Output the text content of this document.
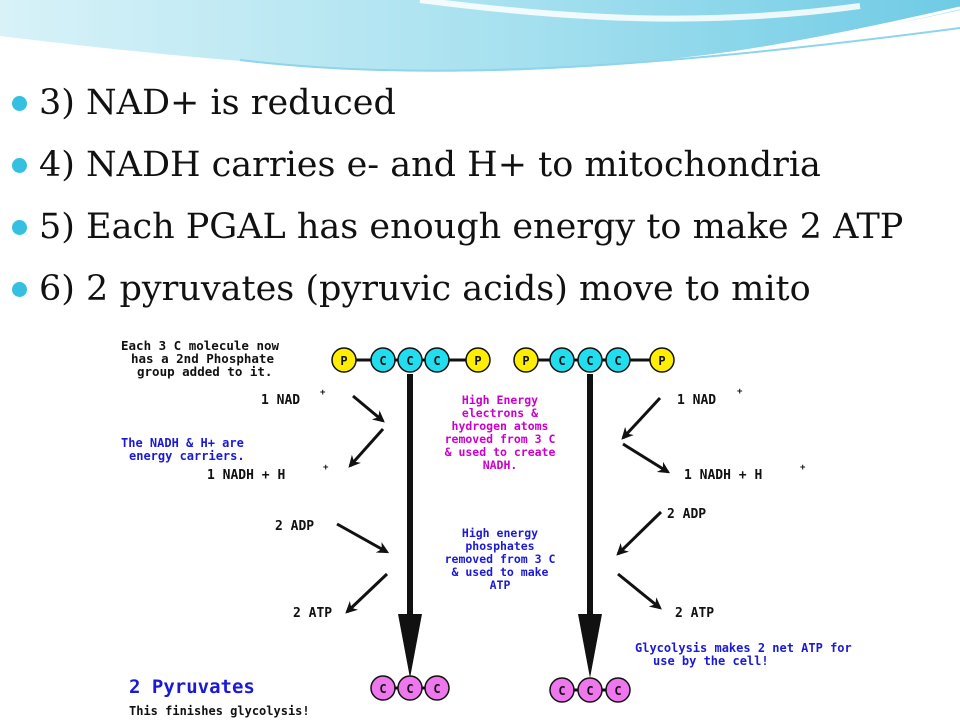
3) NAD+ is reduced
4) NADH carries e- and H+ to mitochondria
5) Each PGAL has enough energy to make 2 ATP
6) 2 pyruvates (pyruvic acids) move to mito
Each 3 C molecule now
has a 2nd Phosphate
group added to it.
P	C C C	P	P C C C	P
High Energy
electrons &
hydrogen atoms
removed from 3 C
& used to create
NADH.
High energy
phosphates
removed from 3 C
& used to make
ATP
1 NAD +
1 NADH + H	+
2 ADP
2 ATP
The NADH & H+ are
energy carriers.
1 NAD
+
1 NADH + H	+
2 ADP
2 ATP
Glycolysis makes 2 net ATP for
use by the cell!
C C C	C C C
2 Pyruvates
This finishes glycolysis!
